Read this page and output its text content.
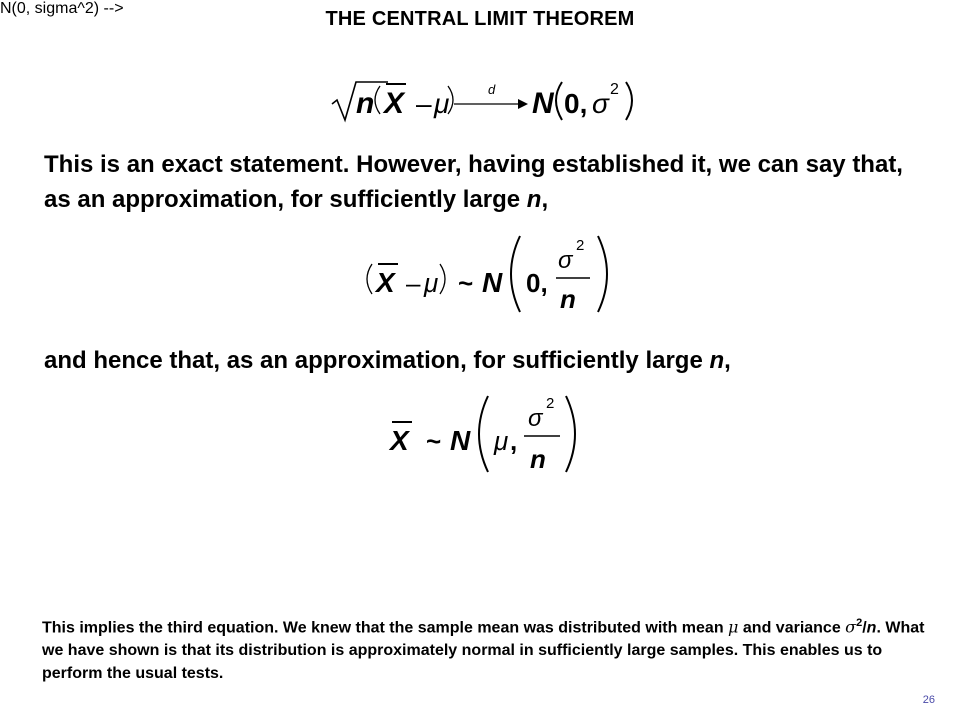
THE CENTRAL LIMIT THEOREM
N(0, sigma^2) -->
n X – μ	d N 0, σ 2
This is an exact statement. However, having established it, we can say that, as an approximation, for sufficiently large n,
X – μ ~ N 0,
σ
2
n
and hence that, as an approximation, for sufficiently large n,
X ~ N μ ,
σ
2
n
This implies the third equation. We knew that the sample mean was distributed with mean μ and variance $\sigma^2/n$. What we have shown is that its distribution is approximately normal in sufficiently large samples. This enables us to perform the usual tests.
26
